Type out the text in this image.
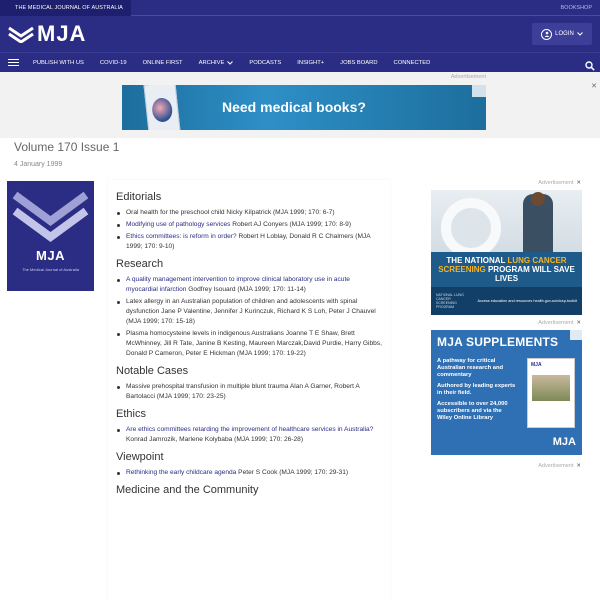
THE MEDICAL JOURNAL OF AUSTRALIA	BOOKSHOP
MJA	LOGIN
PUBLISH WITH US	COVID-19	ONLINE FIRST	ARCHIVE	PODCASTS	INSIGHT+	JOBS BOARD	CONNECTED
Advertisement
✕
Need medical books?
Volume 170 Issue 1
4 January 1999
MJA
The Medical Journal of Australia
Editorials
Oral health for the preschool child Nicky Kilpatrick (MJA 1999; 170: 6-7)
Modifying use of pathology services Robert AJ Conyers (MJA 1999; 170: 8-9)
Ethics committees: is reform in order? Robert H Loblay, Donald R C Chalmers (MJA 1999; 170: 9-10)
Research
A quality management intervention to improve clinical laboratory use in acute myocardial infarction Godfrey Isouard (MJA 1999; 170: 11-14)
Latex allergy in an Australian population of children and adolescents with spinal dysfunction Jane P Valentine, Jennifer J Kurinczuk, Richard K S Loh, Peter J Chauvel (MJA 1999; 170: 15-18)
Plasma homocysteine levels in indigenous Australians Joanne T E Shaw, Brett McWhinney, Jill R Tate, Janine B Kesting, Maureen Marczak,David Purdie, Harry Gibbs, Donald P Cameron, Peter E Hickman (MJA 1999; 170: 19-22)
Notable Cases
Massive prehospital transfusion in multiple blunt trauma Alan A Garner, Robert A Bartolacci (MJA 1999; 170: 23-25)
Ethics
Are ethics committees retarding the improvement of healthcare services in Australia? Konrad Jamrozik, Marlene Kolybaba (MJA 1999; 170: 26-28)
Viewpoint
Rethinking the early childcare agenda Peter S Cook (MJA 1999; 170: 29-31)
Medicine and the Community
Advertisement ✕
THE NATIONAL LUNG CANCER SCREENING PROGRAM WILL SAVE LIVES
NATIONAL LUNG CANCER SCREENING PROGRAM
Access education and resources health.gov.au/nlcsp-toolkit
Advertisement ✕
MJA SUPPLEMENTS

A pathway for critical Australian research and commentary

Authored by leading experts in their field.

Accessible to over 24,000 subscribers and via the Wiley Online Library

MJA
MJA
Advertisement ✕
